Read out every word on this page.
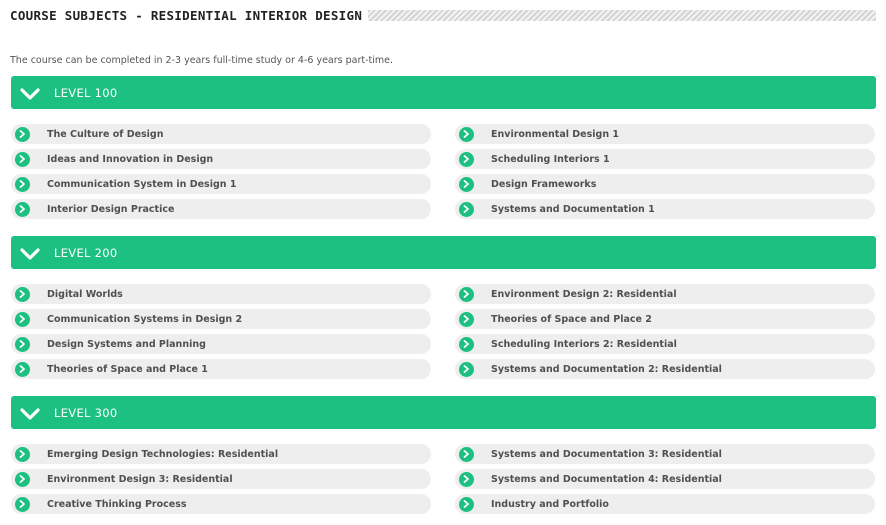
COURSE SUBJECTS - RESIDENTIAL INTERIOR DESIGN

The course can be completed in 2-3 years full-time study or 4-6 years part-time.

LEVEL 100
The Culture of Design
Ideas and Innovation in Design
Communication System in Design 1
Interior Design Practice
Environmental Design 1
Scheduling Interiors 1
Design Frameworks
Systems and Documentation 1
LEVEL 200
Digital Worlds
Communication Systems in Design 2
Design Systems and Planning
Theories of Space and Place 1
Environment Design 2: Residential
Theories of Space and Place 2
Scheduling Interiors 2: Residential
Systems and Documentation 2: Residential
LEVEL 300
Emerging Design Technologies: Residential
Environment Design 3: Residential
Creative Thinking Process
Systems and Documentation 3: Residential
Systems and Documentation 4: Residential
Industry and Portfolio
